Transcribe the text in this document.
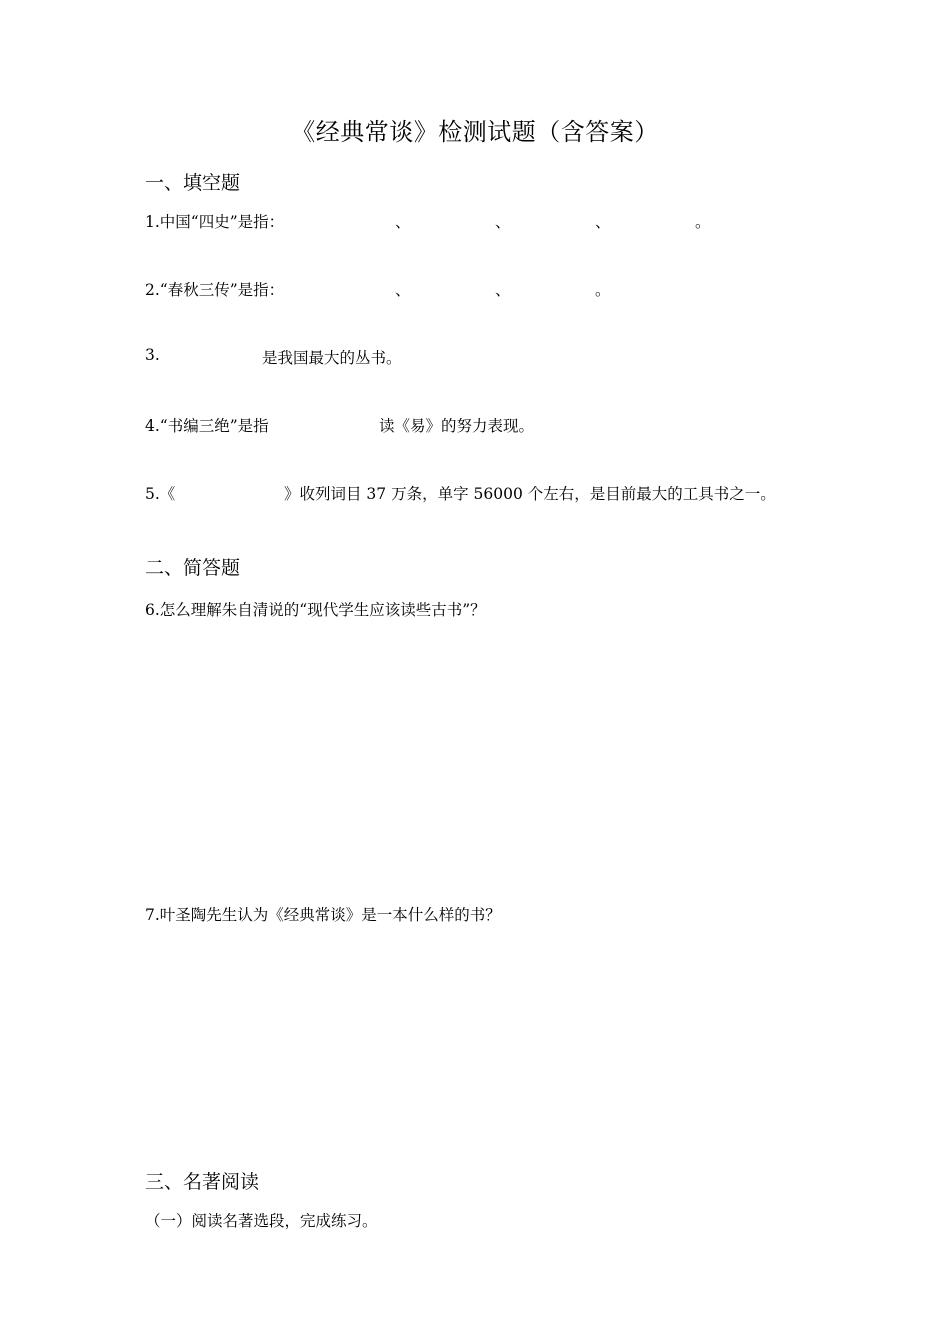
《经典常谈》检测试题（含答案）
一、填空题
1.中国“四史”是指：	、	、	、	。
2.“春秋三传”是指：	、	、	。
3.	是我国最大的丛书。
4.“书编三绝”是指	读《易》的努力表现。
5.《	》收列词目 37 万条，单字 56000 个左右，是目前最大的工具书之一。
二、简答题
6.怎么理解朱自清说的“现代学生应该读些古书”？
7.叶圣陶先生认为《经典常谈》是一本什么样的书？
三、名著阅读
（一）阅读名著选段，完成练习。
